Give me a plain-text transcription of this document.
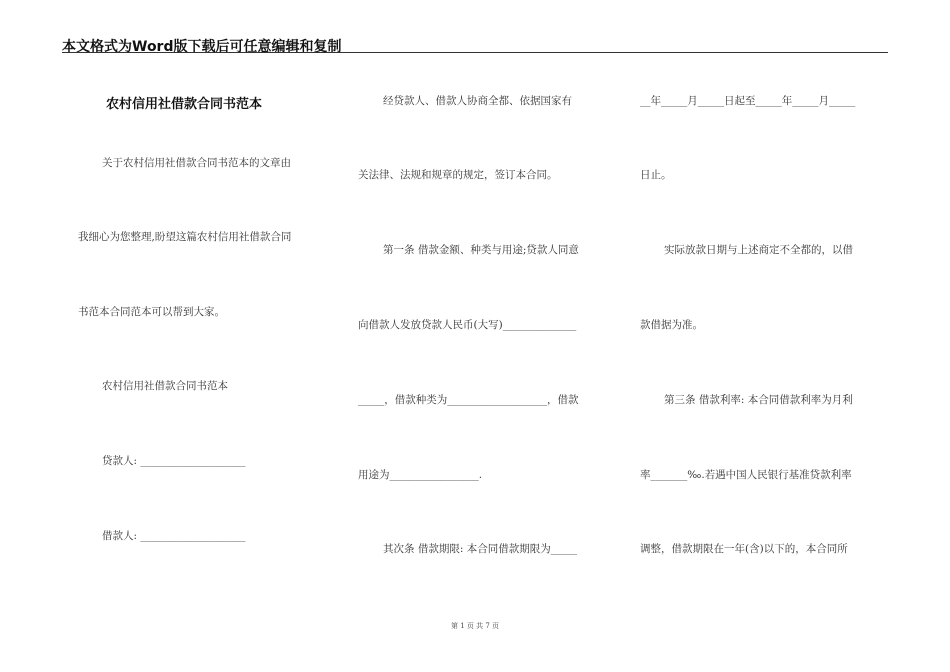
本文格式为Word版下载后可任意编辑和复制
农村信用社借款合同书范本
关于农村信用社借款合同书范本的文章由
我细心为您整理,盼望这篇农村信用社借款合同
书范本合同范本可以帮到大家。
农村信用社借款合同书范本
贷款人: ____________________
借款人: ____________________
经贷款人、借款人协商全都、依据国家有
关法律、法规和规章的规定，签订本合同。
第一条 借款金额、种类与用途;贷款人同意
向借款人发放贷款人民币(大写)______________
_____，借款种类为___________________，借款
用途为_________________.
其次条 借款期限: 本合同借款期限为_____
__年_____月_____日起至_____年_____月_____
日止。
实际放款日期与上述商定不全都的，以借
款借据为准。
第三条 借款利率: 本合同借款利率为月利
率_______‰.若遇中国人民银行基准贷款利率
调整，借款期限在一年(含)以下的，本合同所
第 1 页 共 7 页
